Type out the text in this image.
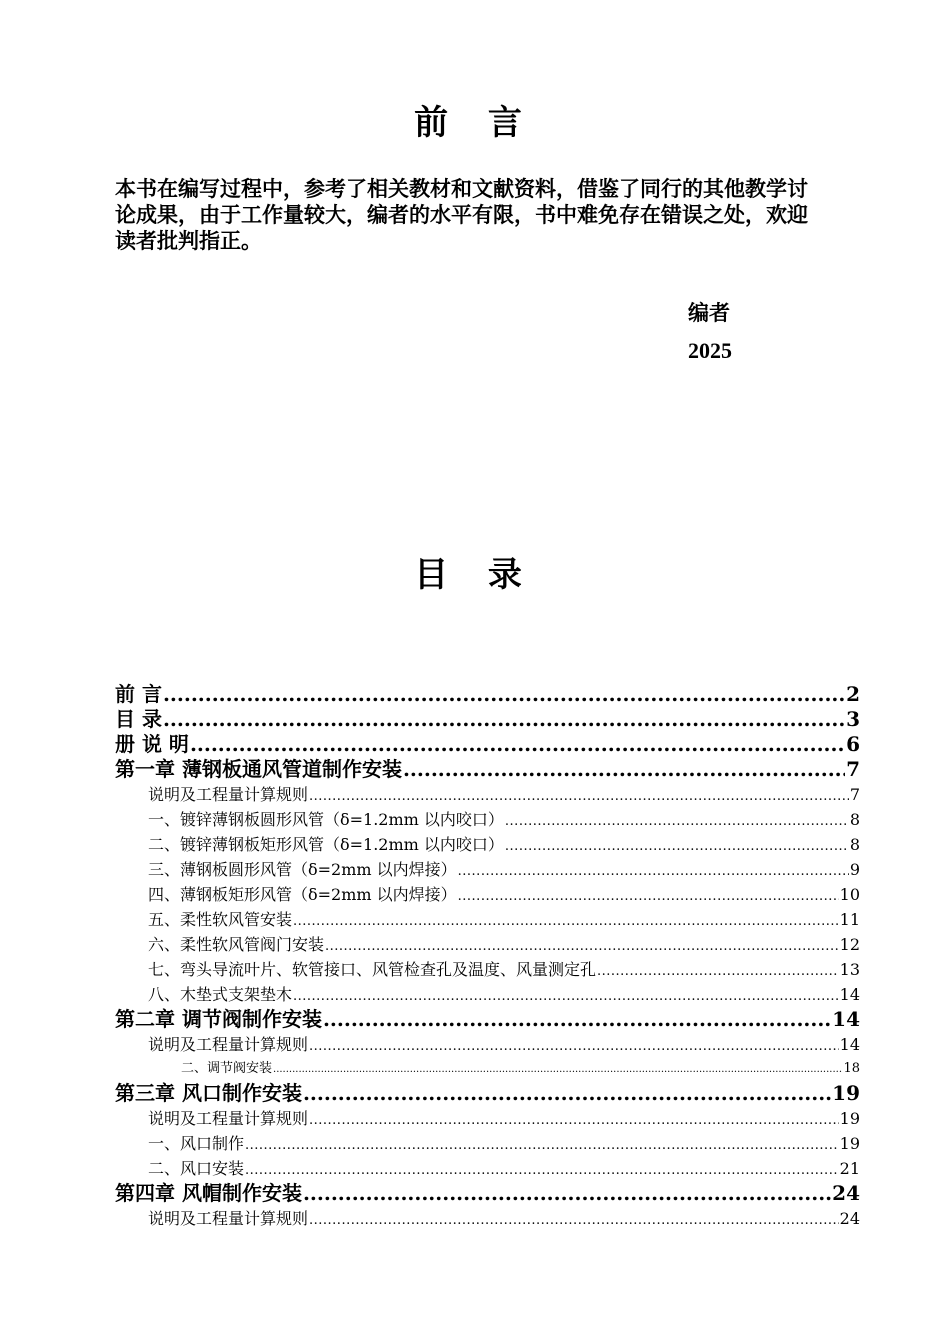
前 言
本书在编写过程中，参考了相关教材和文献资料，借鉴了同行的其他教学讨论成果，由于工作量较大，编者的水平有限，书中难免存在错误之处，欢迎读者批判指正。
编者
2025
目 录
前 言 .....	2
目 录 .....	3
册 说 明 .....	6
第一章 薄钢板通风管道制作安装 .....	7
说明及工程量计算规则 .....	7
一、镀锌薄钢板圆形风管（δ=1.2mm 以内咬口） .....	8
二、镀锌薄钢板矩形风管（δ=1.2mm 以内咬口） .....	8
三、薄钢板圆形风管（δ=2mm 以内焊接） .....	9
四、薄钢板矩形风管（δ=2mm 以内焊接） .....	10
五、柔性软风管安装 .....	11
六、柔性软风管阀门安装 .....	12
七、弯头导流叶片、软管接口、风管检查孔及温度、风量测定孔 .....	13
八、木垫式支架垫木 .....	14
第二章 调节阀制作安装 .....	14
说明及工程量计算规则 .....	14
二、调节阀安装 .....	18
第三章 风口制作安装 .....	19
说明及工程量计算规则 .....	19
一、风口制作 .....	19
二、风口安装 .....	21
第四章 风帽制作安装 .....	24
说明及工程量计算规则 .....	24
